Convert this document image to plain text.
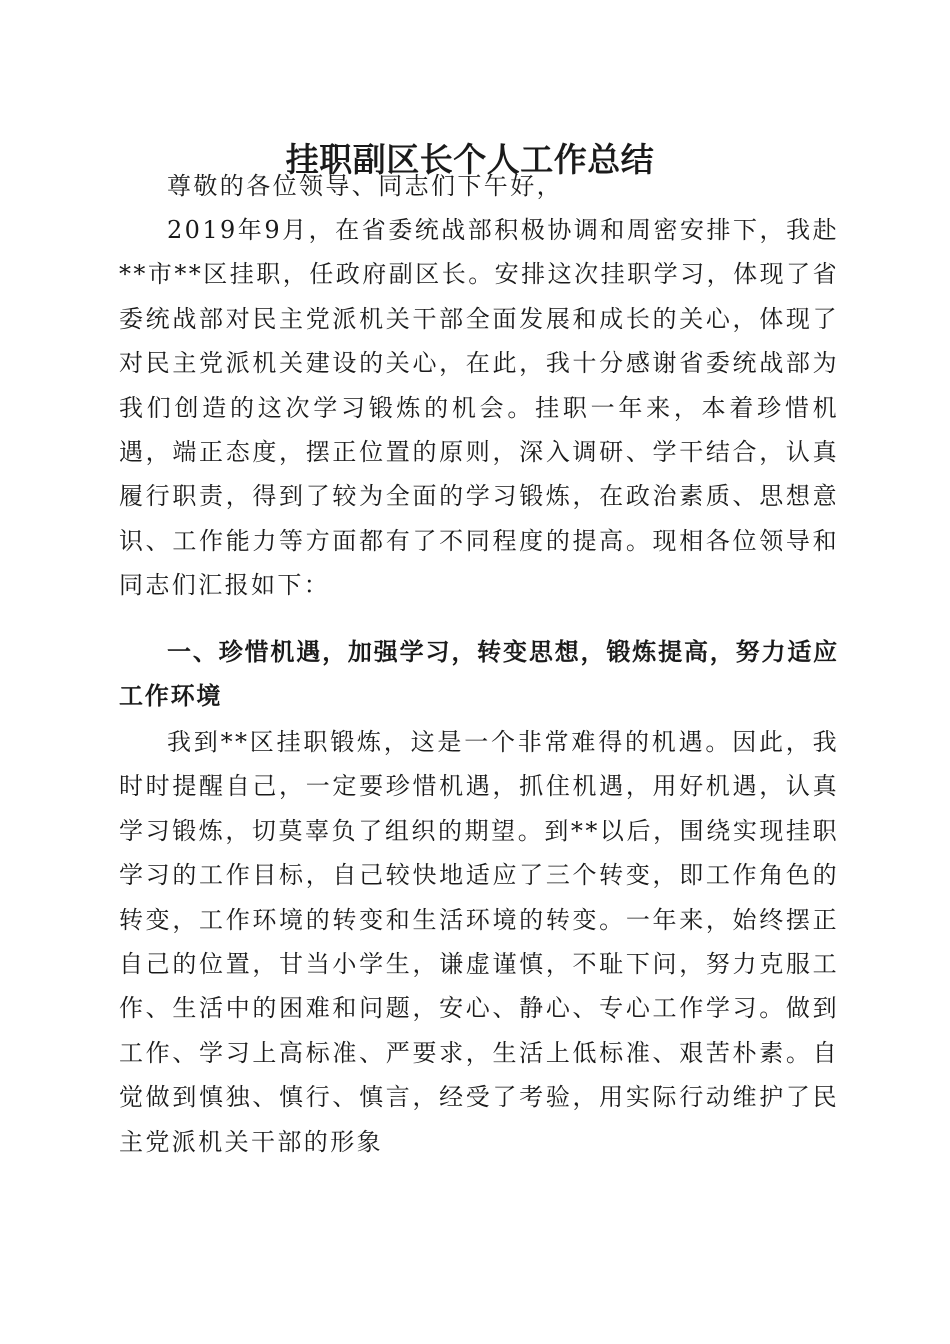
挂职副区长个人工作总结

尊敬的各位领导、同志们下午好，

2019年9月，在省委统战部积极协调和周密安排下，我赴**市**区挂职，任政府副区长。安排这次挂职学习，体现了省委统战部对民主党派机关干部全面发展和成长的关心，体现了对民主党派机关建设的关心，在此，我十分感谢省委统战部为我们创造的这次学习锻炼的机会。挂职一年来，本着珍惜机遇，端正态度，摆正位置的原则，深入调研、学干结合，认真履行职责，得到了较为全面的学习锻炼，在政治素质、思想意识、工作能力等方面都有了不同程度的提高。现相各位领导和同志们汇报如下：

一、珍惜机遇，加强学习，转变思想，锻炼提高，努力适应工作环境

我到**区挂职锻炼，这是一个非常难得的机遇。因此，我时时提醒自己，一定要珍惜机遇，抓住机遇，用好机遇，认真学习锻炼，切莫辜负了组织的期望。到**以后，围绕实现挂职学习的工作目标，自己较快地适应了三个转变，即工作角色的转变，工作环境的转变和生活环境的转变。一年来，始终摆正自己的位置，甘当小学生，谦虚谨慎，不耻下问，努力克服工作、生活中的困难和问题，安心、静心、专心工作学习。做到工作、学习上高标准、严要求，生活上低标准、艰苦朴素。自觉做到慎独、慎行、慎言，经受了考验，用实际行动维护了民主党派机关干部的形象
